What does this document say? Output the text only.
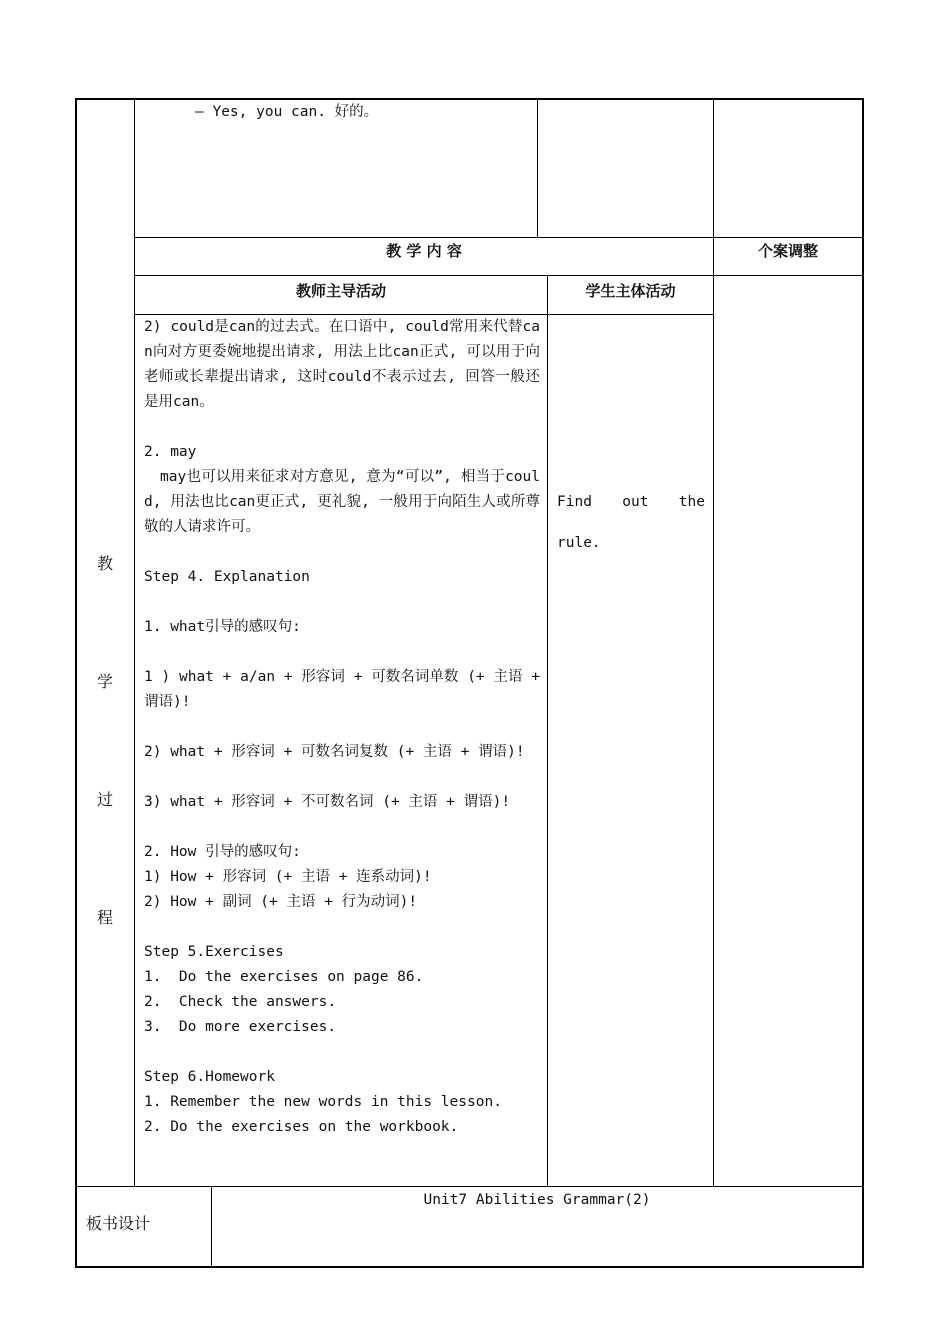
— Yes, you can. 好的。
教 学 内 容	个案调整
教师主导活动	学生主体活动
教
学
过
程
2) could是can的过去式。在口语中, could常用来代替can向对方更委婉地提出请求, 用法上比can正式, 可以用于向老师或长辈提出请求, 这时could不表示过去, 回答一般还是用can。
2. may
may也可以用来征求对方意见, 意为“可以”, 相当于could, 用法也比can更正式, 更礼貌, 一般用于向陌生人或所尊敬的人请求许可。
Step 4. Explanation
1. what引导的感叹句:
1 ) what + a/an + 形容词 + 可数名词单数 (+ 主语 + 谓语)!
2) what + 形容词 + 可数名词复数 (+ 主语 + 谓语)!
3) what + 形容词 + 不可数名词 (+ 主语 + 谓语)!
2. How 引导的感叹句:
1) How + 形容词 (+ 主语 + 连系动词)!
2) How + 副词 (+ 主语 + 行为动词)!
Step 5.Exercises
1.  Do the exercises on page 86.
2.  Check the answers.
3.  Do more exercises.
Step 6.Homework
1. Remember the new words in this lesson.
2. Do the exercises on the workbook.
Find out the
rule.
板书设计
Unit7 Abilities Grammar(2)
